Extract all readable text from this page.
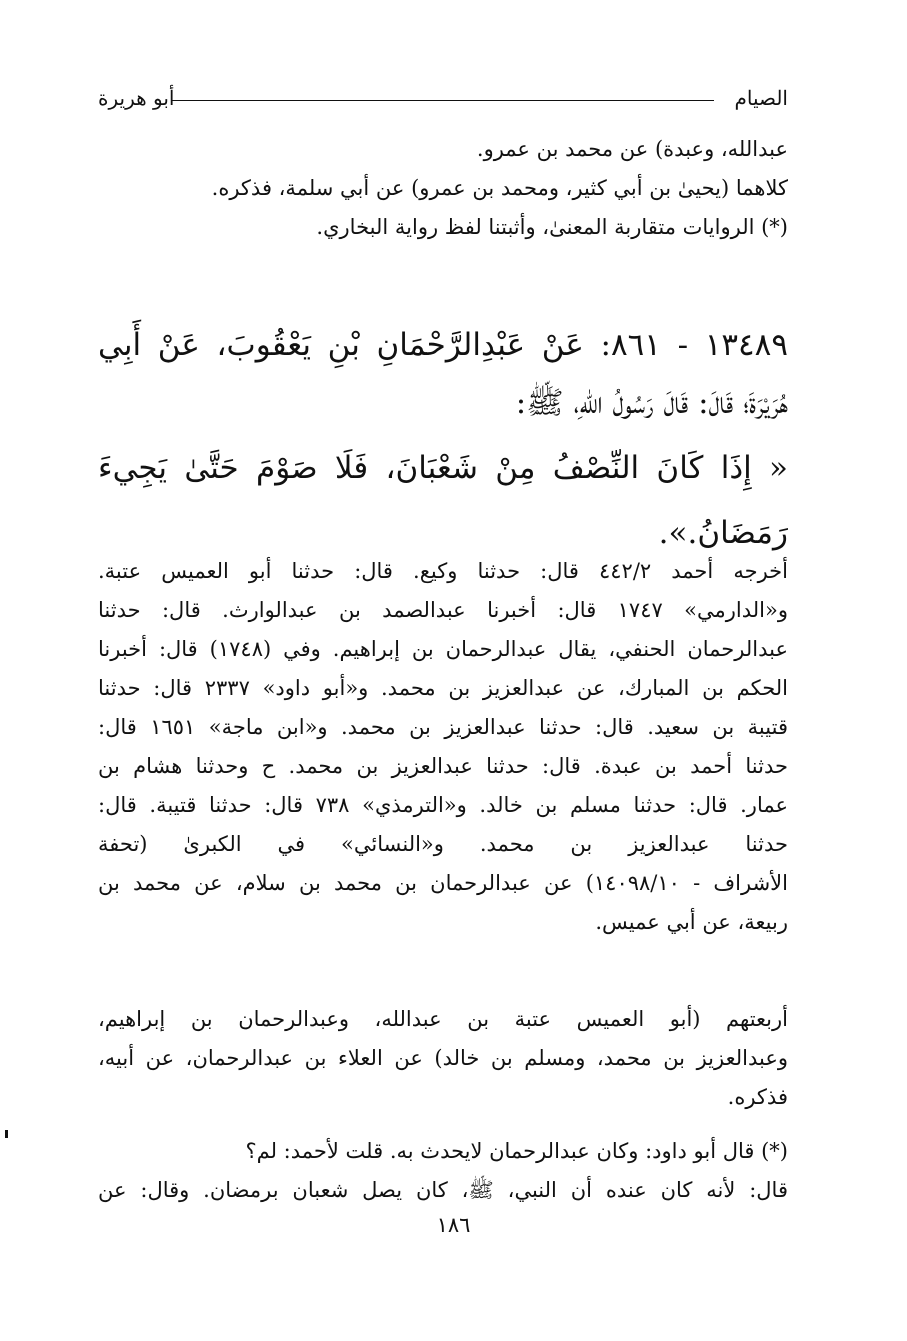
الصيام
أبو هريرة
عبدالله، وعبدة) عن محمد بن عمرو.
كلاهما (يحيىٰ بن أبي كثير، ومحمد بن عمرو) عن أبي سلمة، فذكره.
(*) الروايات متقاربة المعنىٰ، وأثبتنا لفظ رواية البخاري.
١٣٤٨٩ - ٨٦١: عَنْ عَبْدِالرَّحْمَانِ بْنِ يَعْقُوبَ، عَنْ أَبِي
هُرَيْرَةَ؛ قَالَ: قَالَ رَسُولُ اللهِ، ﷺ:
« إِذَا كَانَ النِّصْفُ مِنْ شَعْبَانَ، فَلَا صَوْمَ حَتَّىٰ يَجِيءَ
رَمَضَانُ.».
أخرجه أحمد ٤٤٢/٢ قال: حدثنا وكيع. قال: حدثنا أبو العميس عتبة.
و«الدارمي» ١٧٤٧ قال: أخبرنا عبدالصمد بن عبدالوارث. قال: حدثنا
عبدالرحمان الحنفي، يقال عبدالرحمان بن إبراهيم. وفي (١٧٤٨) قال: أخبرنا
الحكم بن المبارك، عن عبدالعزيز بن محمد. و«أبو داود» ٢٣٣٧ قال: حدثنا
قتيبة بن سعيد. قال: حدثنا عبدالعزيز بن محمد. و«ابن ماجة» ١٦٥١ قال:
حدثنا أحمد بن عبدة. قال: حدثنا عبدالعزيز بن محمد. ح وحدثنا هشام بن
عمار. قال: حدثنا مسلم بن خالد. و«الترمذي» ٧٣٨ قال: حدثنا قتيبة. قال:
حدثنا عبدالعزيز بن محمد. و«النسائي» في الكبرىٰ (تحفة
الأشراف - ١٤٠٩٨/١٠) عن عبدالرحمان بن محمد بن سلام، عن محمد بن
ربيعة، عن أبي عميس.
أربعتهم (أبو العميس عتبة بن عبدالله، وعبدالرحمان بن إبراهيم،
وعبدالعزيز بن محمد، ومسلم بن خالد) عن العلاء بن عبدالرحمان، عن أبيه،
فذكره.
(*) قال أبو داود: وكان عبدالرحمان لايحدث به. قلت لأحمد: لم؟
قال: لأنه كان عنده أن النبي، ﷺ، كان يصل شعبان برمضان. وقال: عن
١٨٦
